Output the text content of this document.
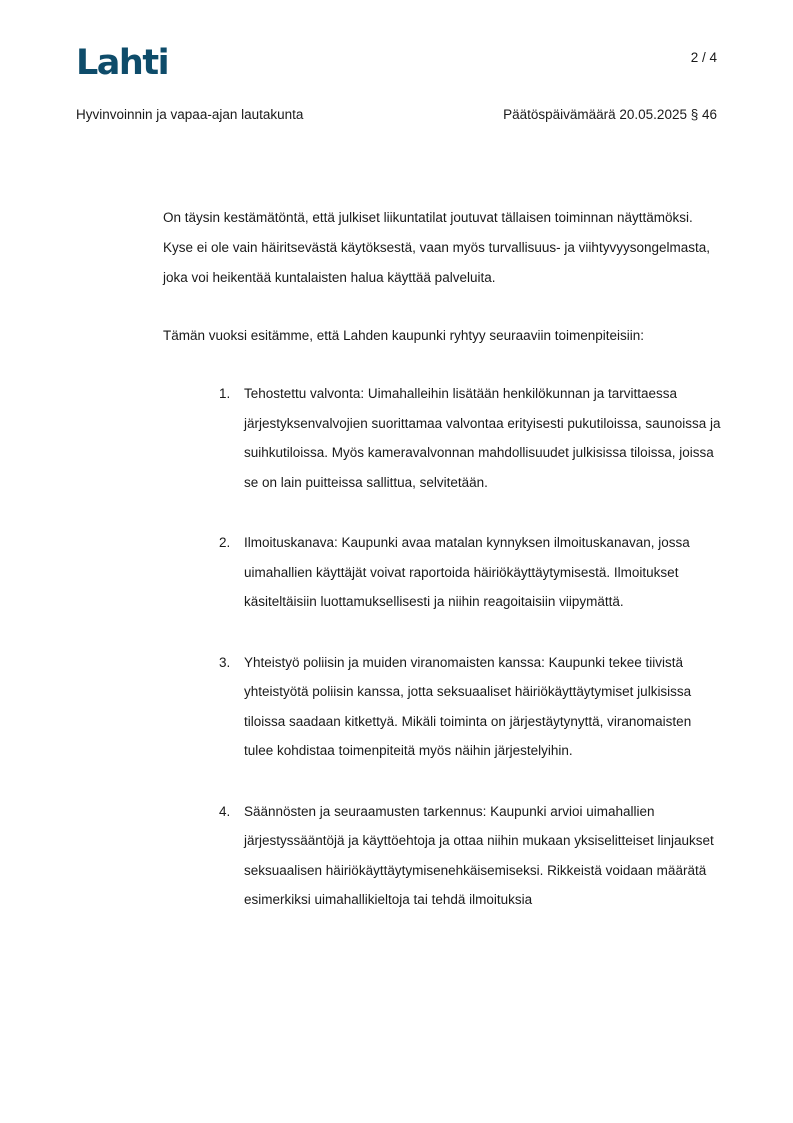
Lahti	2 / 4
Hyvinvoinnin ja vapaa-ajan lautakunta	Päätöspäivämäärä 20.05.2025 § 46

On täysin kestämätöntä, että julkiset liikuntatilat joutuvat tällaisen toiminnan näyttämöksi. Kyse ei ole vain häiritsevästä käytöksestä, vaan myös turvallisuus- ja viihtyvyysongelmasta, joka voi heikentää kuntalaisten halua käyttää palveluita.

Tämän vuoksi esitämme, että Lahden kaupunki ryhtyy seuraaviin toimenpiteisiin:

1. Tehostettu valvonta: Uimahalleihin lisätään henkilökunnan ja tarvittaessa järjestyksenvalvojien suorittamaa valvontaa erityisesti pukutiloissa, saunoissa ja suihkutiloissa. Myös kameravalvonnan mahdollisuudet julkisissa tiloissa, joissa se on lain puitteissa sallittua, selvitetään.
2. Ilmoituskanava: Kaupunki avaa matalan kynnyksen ilmoituskanavan, jossa uimahallien käyttäjät voivat raportoida häiriökäyttäytymisestä. Ilmoitukset käsiteltäisiin luottamuksellisesti ja niihin reagoitaisiin viipymättä.
3. Yhteistyö poliisin ja muiden viranomaisten kanssa: Kaupunki tekee tiivistä yhteistyötä poliisin kanssa, jotta seksuaaliset häiriökäyttäytymiset julkisissa tiloissa saadaan kitkettyä. Mikäli toiminta on järjestäytynyttä, viranomaisten tulee kohdistaa toimenpiteitä myös näihin järjestelyihin.
4. Säännösten ja seuraamusten tarkennus: Kaupunki arvioi uimahallien järjestyssääntöjä ja käyttöehtoja ja ottaa niihin mukaan yksiselitteiset linjaukset seksuaalisen häiriökäyttäytymisenehkäisemiseksi. Rikkeistä voidaan määrätä esimerkiksi uimahallikieltoja tai tehdä ilmoituksia
